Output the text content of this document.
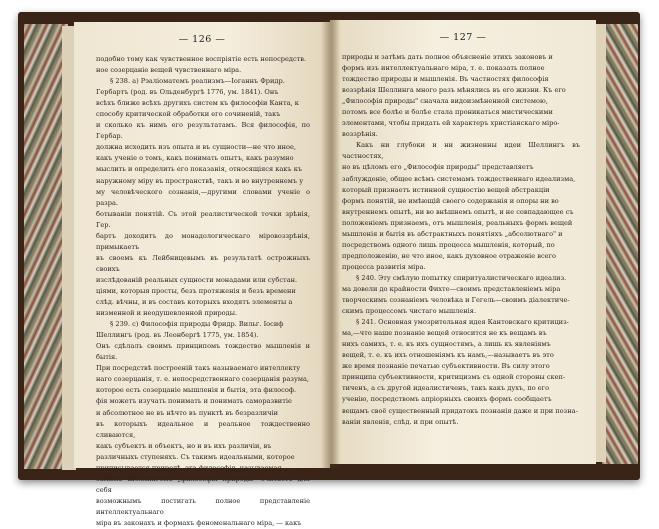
— 126 —

подобно тому как чувственное воспріятіе есть непосредств.

ное созерцаніе вещей чувственнаго міра.

§ 238. а) Рэаліоматемъ реализмъ—Іоганнъ Фридр.

Гербартъ (род. въ Ольденбургѣ 1776, ум. 1841). Онъ

всѣхъ ближе всѣхъ другихъ систем къ философіи Канта, к

способу критической обработки его сочиненій, такъ

и сколько къ нимъ его результатамъ. Вся философія, по Гербар.

должна исходить изъ опыта и въ сущности—не что иное,

какъ ученіе о томъ, какъ понимать опытъ, какъ разумно

мыслить и определить его показанія, относящіяся какъ къ

наружному міру въ пространствѣ, такъ и во внутреннемъ у

му человѣческого сознанія,—другими словами ученіе о разра.

ботываніи понятій. Съ этой реалистической точки зрѣнія, Гер.

бартъ доходитъ до монадологическаго міровоззрѣнія, примыкаетъ

въ своемъ къ Лейбницевымъ въ результатѣ острожныхъ своихъ

изслѣдованій реальных сущности монадами или субстан.

ціями, которыя просты, безъ протяженія и безъ времени

слѣд. вѣчны, и въ составъ которыхъ входятъ элементы а

низменной и неодушевленной природы.

§ 239. с) Философія природы Фридр. Вильг. Іосиф

Шеллингъ (род. въ Леонбергѣ 1775, ум. 1854).

Онъ сдѣлалъ своимъ принципомъ тождество мышленія и бытія.

При посредствѣ построеній такъ называемаго интеллекту

наго созерцанія, т. е. непосредственнаго созерцанія разума,

которое есть созерцаніе мышленія и бытія, эта философ.

фія можетъ изучать понимать и понимать саморазвитіе

и абсолютное не въ нѣчто въ пунктѣ въ безразличіи

въ которыхъ идеальное и реальное тождественно сливаются,

какъ субъектъ и объектъ, но и въ ихъ различіи, въ

различныхъ ступеняхъ. Съ такимъ идеальными, которое

приписывается природѣ, эта философія, называемая

самимъ Шеллингомъ „философія природы" считаетъ для себя

возможнымъ постигать полное представленіе интеллектуальнаго

міра въ законахъ и формахъ феноменальнаго міра, — какъ

— 127 —

природы и затѣмъ дать полное объясненіе этихъ законовъ и

формъ изъ интеллектуальнаго міра, т. е. показать полное

тождество природы и мышленія. Въ частностях философія

воззрѣнія Шеллинга много разъ мѣнялись въ его жизни. Къ его

„Философія природы" сначала видоизмѣненной системою,

потомъ все болѣе и болѣе стала проникаться мистическими

элементами, чтобы придать ей характеръ христіанскаго міро-

воззрѣнія.

Какъ ни глубоки и ни жизненны идеи Шеллингъ въ частностях,

но въ цѣломъ его „Философія природы" представляетъ

заблужденіе, общее всѣмъ системамъ тождественнаго идеализма,

который признаетъ истинной сущностію вещей абстракціи

формъ понятій, не имѣющій своего содержанія и опоры ни во

внутреннемъ опытѣ, ни во внѣшнемъ опытѣ, и не совпадающее съ

положеніемъ признаемъ, отъ мышленія, реальныхъ формъ вещей

мышленія и бытія въ абстрактныхъ понятіяхъ „абсолютнаго" и

посредствомъ одного лишь процесса мышленія, который, по

предположенію, не что иное, какъ духовное отраженіе всего

процесса развитія міра.

§ 240. Эту смѣлую попытку спиритуалистическаго идеализ.

ма довели до крайности Фихте—своимъ представленіемъ міра

творческимъ сознаніемъ человѣка и Гегель—своимъ діалектиче-

скимъ процессомъ чистаго мышленія.

§ 241. Основная умозрительная идея Кантовскаго критициз-

ма,—что наше познаніе вещей относится не къ вещамъ въ

нихъ самихъ, т. е. къ ихъ сущностямъ, а лишь къ явленіямъ

вещей, т. е. къ ихъ отношеніямъ къ намъ,—называетъ въ это

же время познаніе печатью субъективности. Въ силу этого

принципа субъективности, критицизмъ съ одной стороны скеп-

тиченъ, а съ другой идеалистиченъ, такъ какъ духъ, по его

ученію, посредствомъ апріорныхъ своихъ формъ сообщаетъ

вещамъ своё существенный придатокъ познанія даже и при позна-

ваніи явленія, слѣд. и при опытѣ.
